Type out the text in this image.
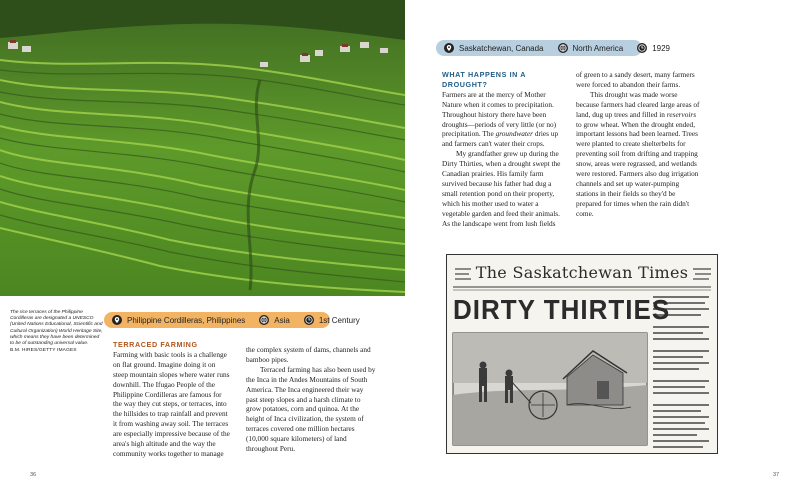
The rice terraces of the Philippine Cordilleras are designated a UNESCO (United Nations Educational, Scientific and Cultural Organization) World Heritage Site, which means they have been determined to be of outstanding universal value.
B.M. HIRES/GETTY IMAGES
Philippine Cordilleras, Philippines	Asia	1st Century
TERRACED FARMING

Farming with basic tools is a challenge on flat ground. Imagine doing it on steep mountain slopes where water runs downhill. The Ifugao People of the Philippine Cordilleras are famous for the way they cut steps, or terraces, into the hillsides to trap rainfall and prevent it from washing away soil. The terraces are especially impressive because of the area's high altitude and the way the community works together to manage

the complex system of dams, channels and bamboo pipes.

Terraced farming has also been used by the Inca in the Andes Mountains of South America. The Inca engineered their way past steep slopes and a harsh climate to grow potatoes, corn and quinoa. At the height of Inca civilization, the system of terraces covered one million hectares (10,000 square kilometers) of land throughout Peru.

36
Saskatchewan, Canada	North America	1929
WHAT HAPPENS IN A DROUGHT?

Farmers are at the mercy of Mother Nature when it comes to precipitation. Throughout history there have been droughts—periods of very little (or no) precipitation. The groundwater dries up and farmers can't water their crops.

My grandfather grew up during the Dirty Thirties, when a drought swept the Canadian prairies. His family farm survived because his father had dug a small retention pond on their property, which his mother used to water a vegetable garden and feed their animals. As the landscape went from lush fields

of green to a sandy desert, many farmers were forced to abandon their farms.

This drought was made worse because farmers had cleared large areas of land, dug up trees and filled in reservoirs to grow wheat. When the drought ended, important lessons had been learned. Trees were planted to create shelterbelts for preventing soil from drifting and trapping snow, areas were regrassed, and wetlands were restored. Farmers also dug irrigation channels and set up water-pumping stations in their fields so they'd be prepared for times when the rain didn't come.

The Saskatchewan Times
DIRTY THIRTIES
37
